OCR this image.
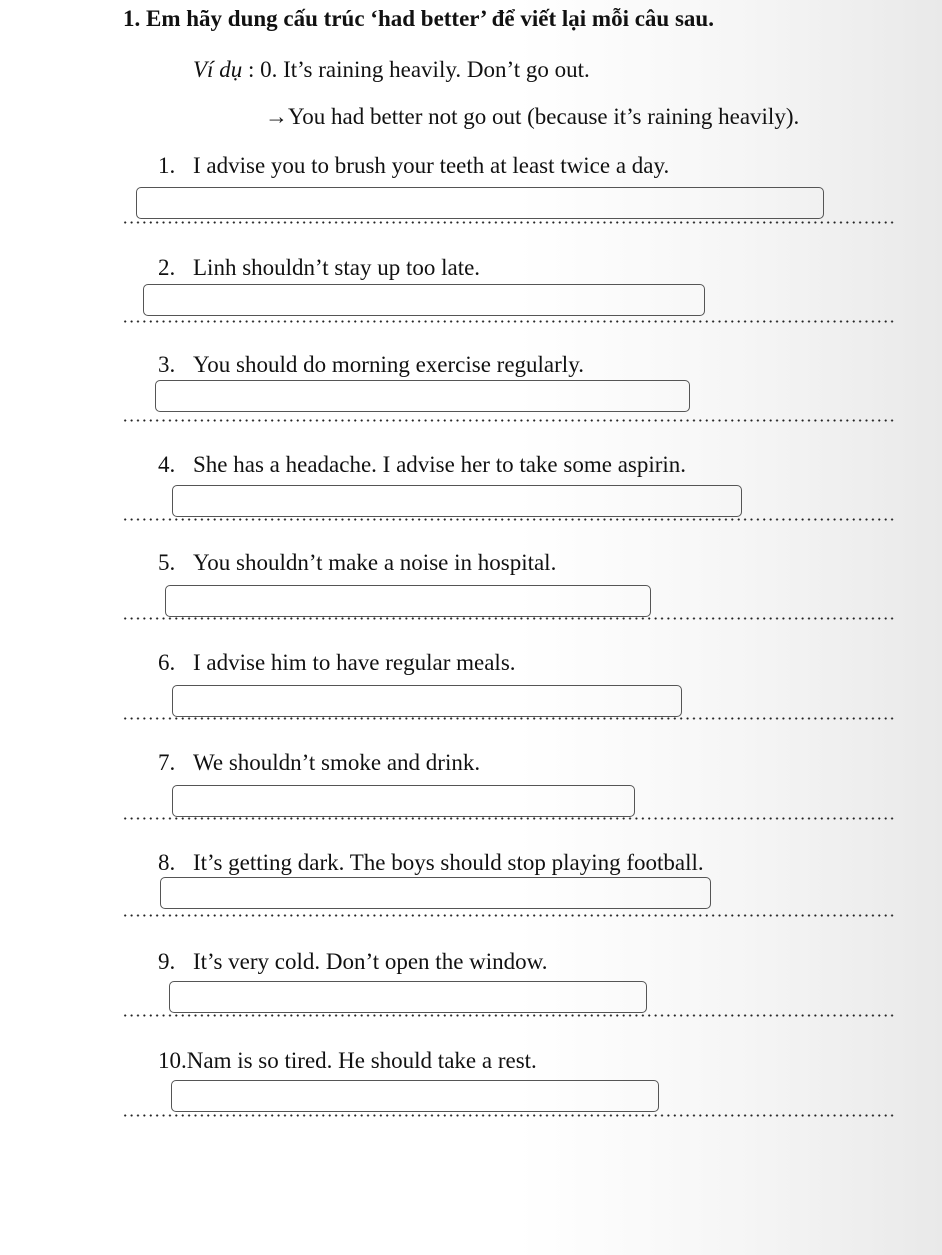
1. Em hãy dung cấu trúc ‘had better’ để viết lại mỗi câu sau.
Ví dụ : 0. It’s raining heavily. Don’t go out.
→You had better not go out (because it’s raining heavily).
1. I advise you to brush your teeth at least twice a day.
2. Linh shouldn’t stay up too late.
3. You should do morning exercise regularly.
4. She has a headache. I advise her to take some aspirin.
5. You shouldn’t make a noise in hospital.
6. I advise him to have regular meals.
7. We shouldn’t smoke and drink.
8. It’s getting dark. The boys should stop playing football.
9. It’s very cold. Don’t open the window.
10.Nam is so tired. He should take a rest.
